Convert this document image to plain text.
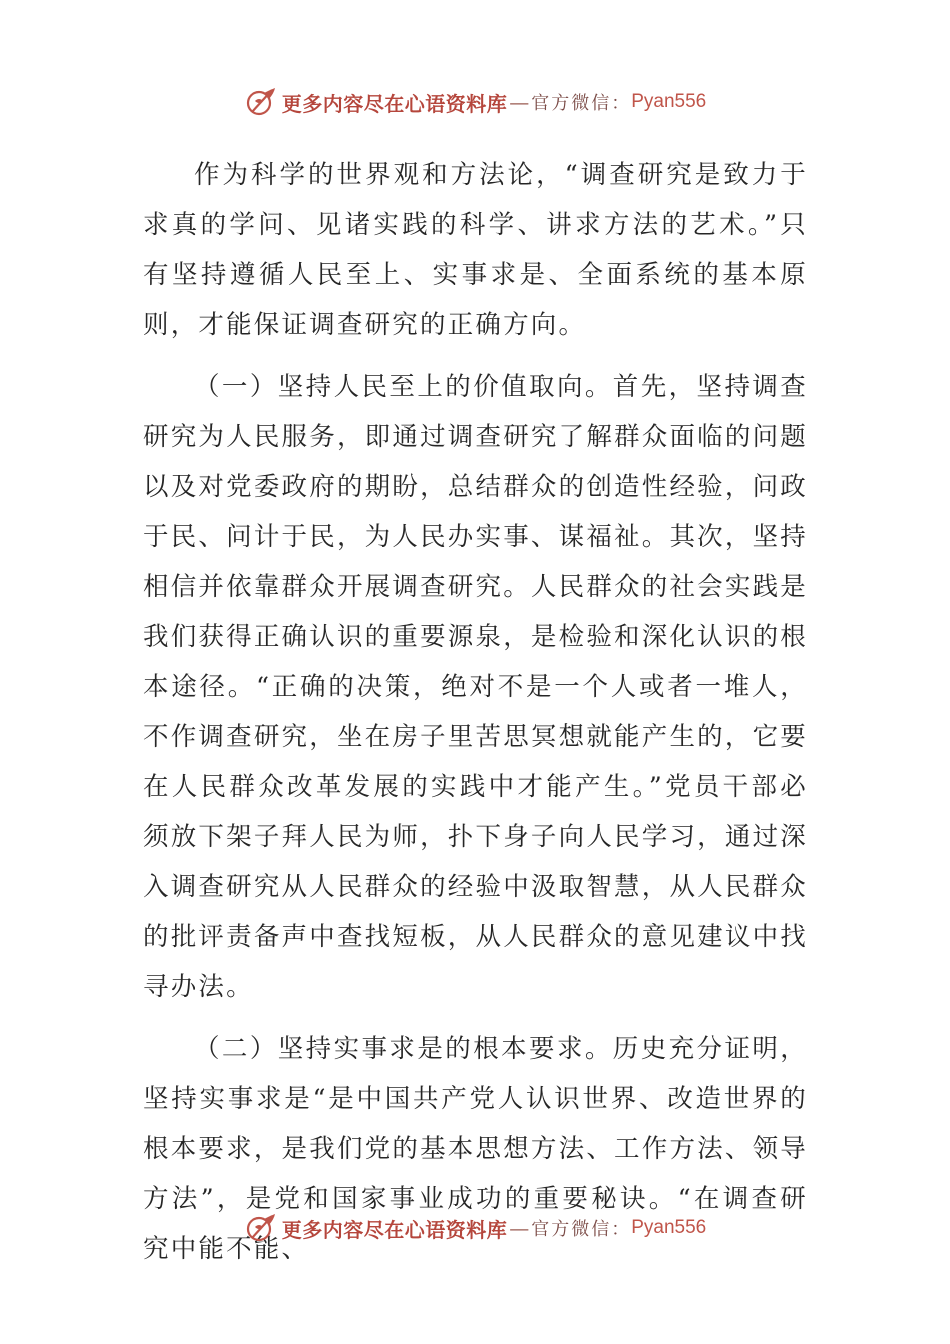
更多内容尽在心语资料库 — 官方微信： Pyan556

作为科学的世界观和方法论，“调查研究是致力于求真的学问、见诸实践的科学、讲求方法的艺术。”只有坚持遵循人民至上、实事求是、全面系统的基本原则，才能保证调查研究的正确方向。

（一）坚持人民至上的价值取向。首先，坚持调查研究为人民服务，即通过调查研究了解群众面临的问题以及对党委政府的期盼，总结群众的创造性经验，问政于民、问计于民，为人民办实事、谋福祉。其次，坚持相信并依靠群众开展调查研究。人民群众的社会实践是我们获得正确认识的重要源泉，是检验和深化认识的根本途径。“正确的决策，绝对不是一个人或者一堆人，不作调查研究，坐在房子里苦思冥想就能产生的，它要在人民群众改革发展的实践中才能产生。”党员干部必须放下架子拜人民为师，扑下身子向人民学习，通过深入调查研究从人民群众的经验中汲取智慧，从人民群众的批评责备声中查找短板，从人民群众的意见建议中找寻办法。

（二）坚持实事求是的根本要求。历史充分证明，坚持实事求是“是中国共产党人认识世界、改造世界的根本要求，是我们党的基本思想方法、工作方法、领导方法”，是党和国家事业成功的重要秘诀。“在调查研究中能不能、

更多内容尽在心语资料库 — 官方微信： Pyan556
